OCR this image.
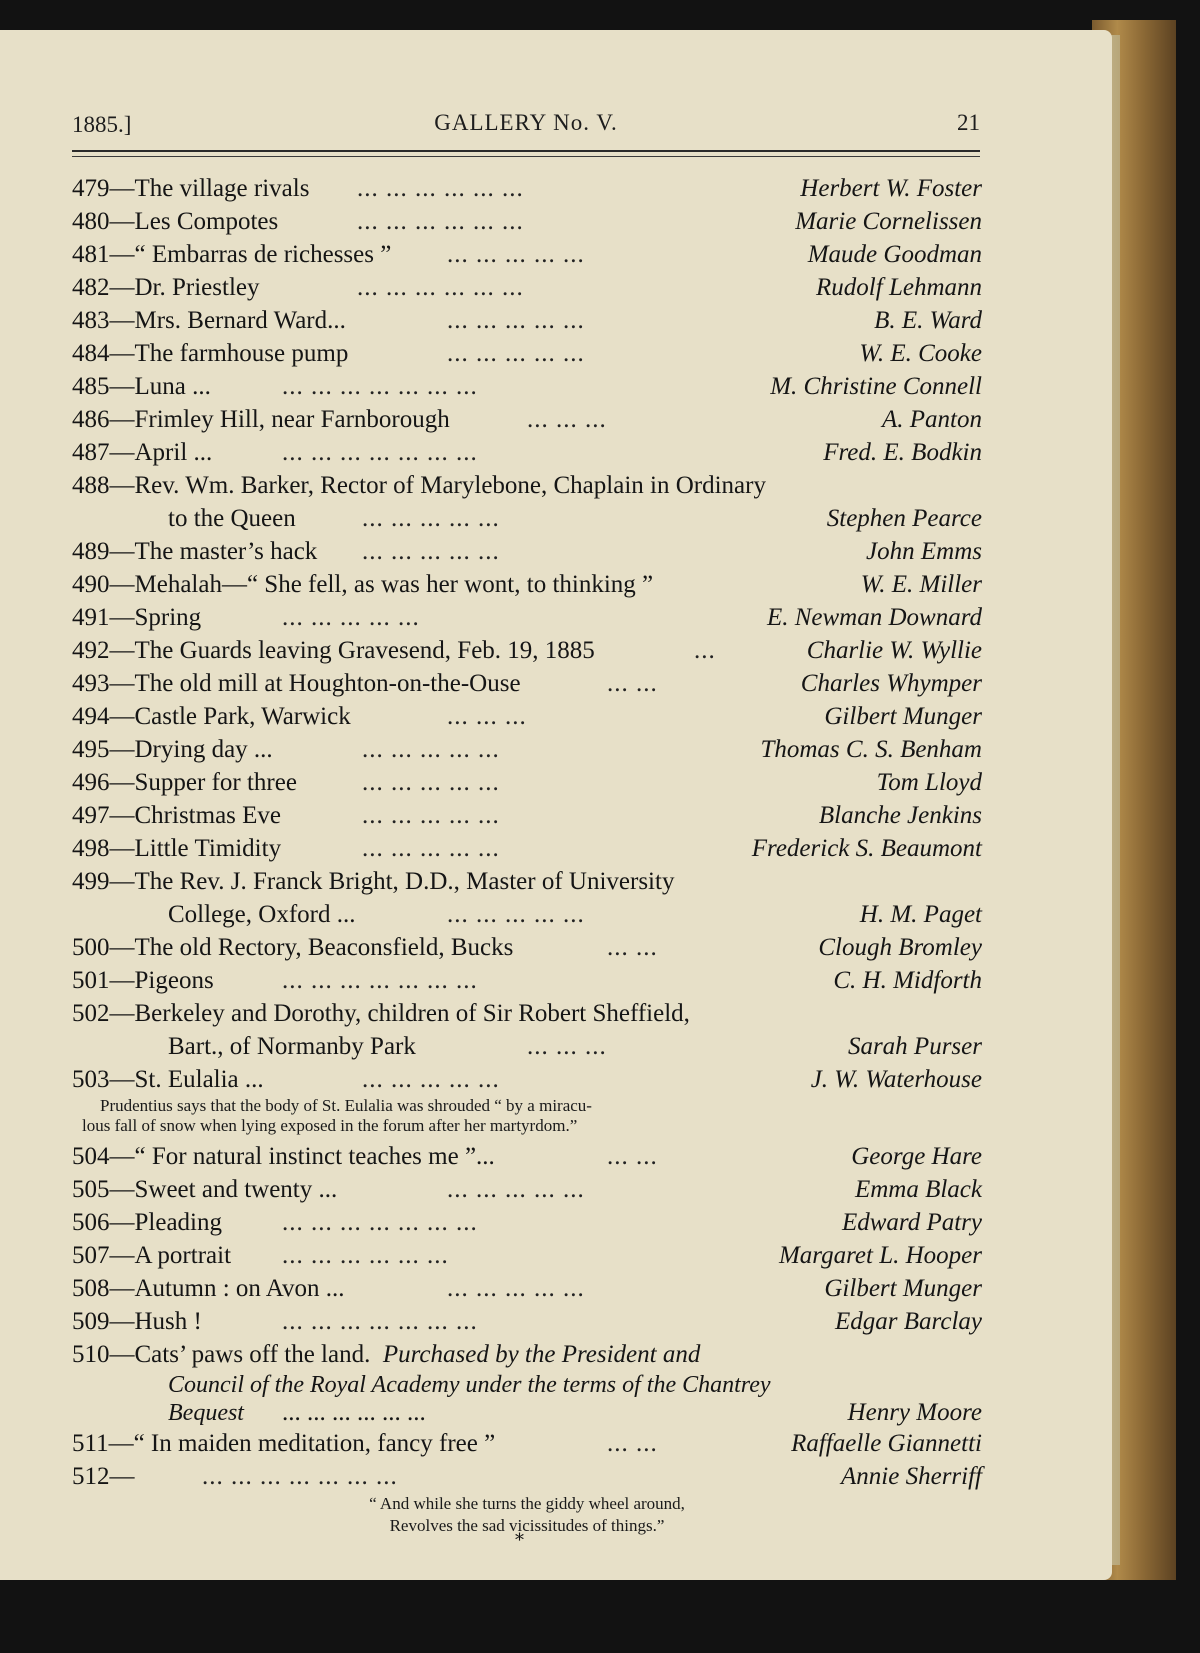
1885.]	GALLERY No. V.	21
479—The village rivals ... ... ... ... ... ...	Herbert W. Foster
480—Les Compotes	... ... ... ... ... ...	Marie Cornelissen
481—“ Embarras de richesses ” ... ... ... ... ...	Maude Goodman
482—Dr. Priestley	... ... ... ... ... ...	Rudolf Lehmann
483—Mrs. Bernard Ward...	... ... ... ... ...	B. E. Ward
484—The farmhouse pump	... ... ... ... ...	W. E. Cooke
485—Luna ...	... ... ... ... ... ... ...	M. Christine Connell
486—Frimley Hill, near Farnborough	... ... ...	A. Panton
487—April ...	... ... ... ... ... ... ...	Fred. E. Bodkin
488—Rev. Wm. Barker, Rector of Marylebone, Chaplain in Ordinary
to the Queen	... ... ... ... ...	Stephen Pearce
489—The master’s hack ... ... ... ... ...	John Emms
490—Mehalah—“ She fell, as was her wont, to thinking ”	W. E. Miller
491—Spring	... ... ... ... ...	E. Newman Downard
492—The Guards leaving Gravesend, Feb. 19, 1885	...	Charlie W. Wyllie
493—The old mill at Houghton-on-the-Ouse	... ...	Charles Whymper
494—Castle Park, Warwick	... ... ...	Gilbert Munger
495—Drying day ...	... ... ... ... ...	Thomas C. S. Benham
496—Supper for three	... ... ... ... ...	Tom Lloyd
497—Christmas Eve	... ... ... ... ...	Blanche Jenkins
498—Little Timidity	... ... ... ... ...	Frederick S. Beaumont
499—The Rev. J. Franck Bright, D.D., Master of University
College, Oxford ...	... ... ... ... ...	H. M. Paget
500—The old Rectory, Beaconsfield, Bucks	... ...	Clough Bromley
501—Pigeons	... ... ... ... ... ... ...	C. H. Midforth
502—Berkeley and Dorothy, children of Sir Robert Sheffield,
Bart., of Normanby Park	... ... ...	Sarah Purser
503—St. Eulalia ...	... ... ... ... ...	J. W. Waterhouse
Prudentius says that the body of St. Eulalia was shrouded “ by a miracu-
lous fall of snow when lying exposed in the forum after her martyrdom.”
504—“ For natural instinct teaches me ”...	... ...	George Hare
505—Sweet and twenty ...	... ... ... ... ...	Emma Black
506—Pleading ... ... ... ... ... ... ...	Edward Patry
507—A portrait ... ... ... ... ... ...	Margaret L. Hooper
508—Autumn : on Avon ...	... ... ... ... ...	Gilbert Munger
509—Hush !	... ... ... ... ... ... ...	Edgar Barclay
510—Cats’ paws off the land. Purchased by the President and
Council of the Royal Academy under the terms of the Chantrey
Bequest	... ... ... ... ... ...	Henry Moore
511—“ In maiden meditation, fancy free ”	... ...	Raffaelle Giannetti
512—	... ... ... ... ... ... ...	Annie Sherriff
“ And while she turns the giddy wheel around,
Revolves the sad vicissitudes of things.”
*
